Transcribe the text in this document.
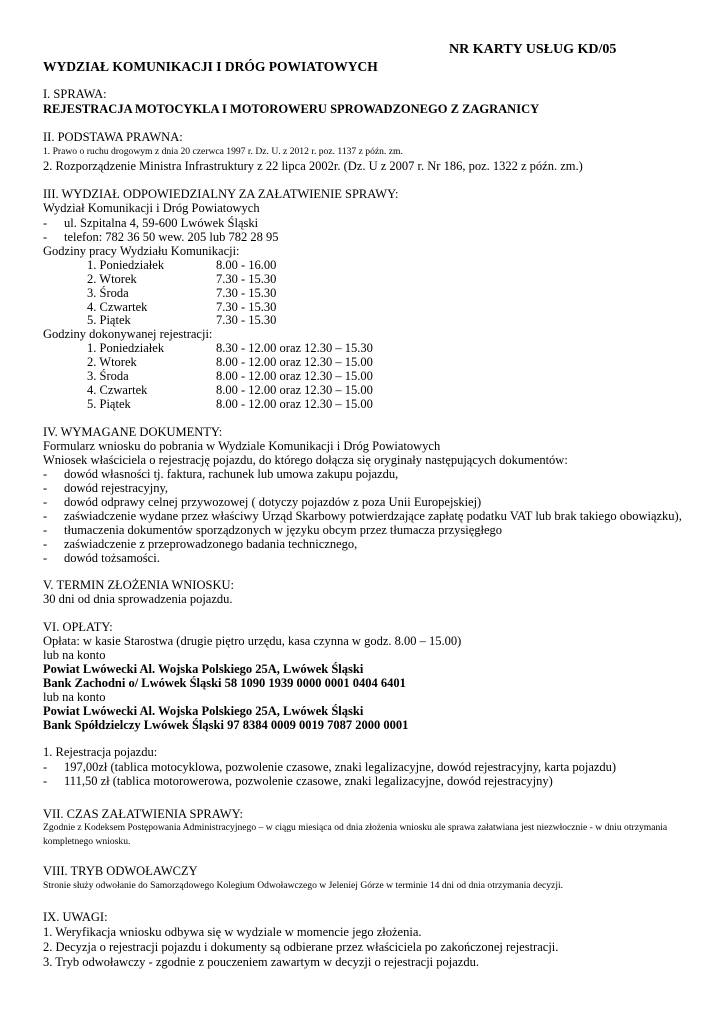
NR KARTY USŁUG KD/05
WYDZIAŁ KOMUNIKACJI I DRÓG POWIATOWYCH
I. SPRAWA:
REJESTRACJA MOTOCYKLA I MOTOROWERU SPROWADZONEGO Z ZAGRANICY
II. PODSTAWA PRAWNA:
1. Prawo o ruchu drogowym z dnia 20 czerwca 1997 r. Dz. U. z 2012 r. poz. 1137 z późn. zm.
2. Rozporządzenie Ministra Infrastruktury z 22 lipca 2002r. (Dz. U z 2007 r. Nr 186, poz. 1322 z późn. zm.)
III. WYDZIAŁ ODPOWIEDZIALNY ZA ZAŁATWIENIE SPRAWY:
Wydział Komunikacji i Dróg Powiatowych
- ul. Szpitalna 4, 59-600 Lwówek Śląski
- telefon: 782 36 50 wew. 205 lub 782 28 95
Godziny pracy Wydziału Komunikacji:
1. Poniedziałek	8.00 - 16.00
2. Wtorek	7.30 - 15.30
3. Środa	7.30 - 15.30
4. Czwartek	7.30 - 15.30
5. Piątek	7.30 - 15.30
Godziny dokonywanej rejestracji:
1. Poniedziałek	8.30 - 12.00 oraz 12.30 – 15.30
2. Wtorek	8.00 - 12.00 oraz 12.30 – 15.00
3. Środa	8.00 - 12.00 oraz 12.30 – 15.00
4. Czwartek	8.00 - 12.00 oraz 12.30 – 15.00
5. Piątek	8.00 - 12.00 oraz 12.30 – 15.00
IV. WYMAGANE DOKUMENTY:
Formularz wniosku do pobrania w Wydziale Komunikacji i Dróg Powiatowych
Wniosek właściciela o rejestrację pojazdu, do którego dołącza się oryginały następujących dokumentów:
- dowód własności tj. faktura, rachunek lub umowa zakupu pojazdu,
- dowód rejestracyjny,
- dowód odprawy celnej przywozowej ( dotyczy pojazdów z poza Unii Europejskiej)
- zaświadczenie wydane przez właściwy Urząd Skarbowy potwierdzające zapłatę podatku VAT lub brak takiego obowiązku),
- tłumaczenia dokumentów sporządzonych w języku obcym przez tłumacza przysięgłego
- zaświadczenie z przeprowadzonego badania technicznego,
- dowód tożsamości.
V. TERMIN ZŁOŻENIA WNIOSKU:
30 dni od dnia sprowadzenia pojazdu.
VI. OPŁATY:
Opłata: w kasie Starostwa (drugie piętro urzędu, kasa czynna w godz. 8.00 – 15.00)
lub na konto
Powiat Lwówecki Al. Wojska Polskiego 25A, Lwówek Śląski
Bank Zachodni o/ Lwówek Śląski 58 1090 1939 0000 0001 0404 6401
lub na konto
Powiat Lwówecki Al. Wojska Polskiego 25A, Lwówek Śląski
Bank Spółdzielczy Lwówek Śląski 97 8384 0009 0019 7087 2000 0001
1. Rejestracja pojazdu:
- 197,00zł (tablica motocyklowa, pozwolenie czasowe, znaki legalizacyjne, dowód rejestracyjny, karta pojazdu)
- 111,50 zł (tablica motorowerowa, pozwolenie czasowe, znaki legalizacyjne, dowód rejestracyjny)
VII. CZAS ZAŁATWIENIA SPRAWY:
Zgodnie z Kodeksem Postępowania Administracyjnego – w ciągu miesiąca od dnia złożenia wniosku ale sprawa załatwiana jest niezwłocznie - w dniu otrzymania kompletnego wniosku.
VIII. TRYB ODWOŁAWCZY
Stronie służy odwołanie do Samorządowego Kolegium Odwoławczego w Jeleniej Górze w terminie 14 dni od dnia otrzymania decyzji.
IX. UWAGI:
1. Weryfikacja wniosku odbywa się w wydziale w momencie jego złożenia.
2. Decyzja o rejestracji pojazdu i dokumenty są odbierane przez właściciela po zakończonej rejestracji.
3. Tryb odwoławczy - zgodnie z pouczeniem zawartym w decyzji o rejestracji pojazdu.
